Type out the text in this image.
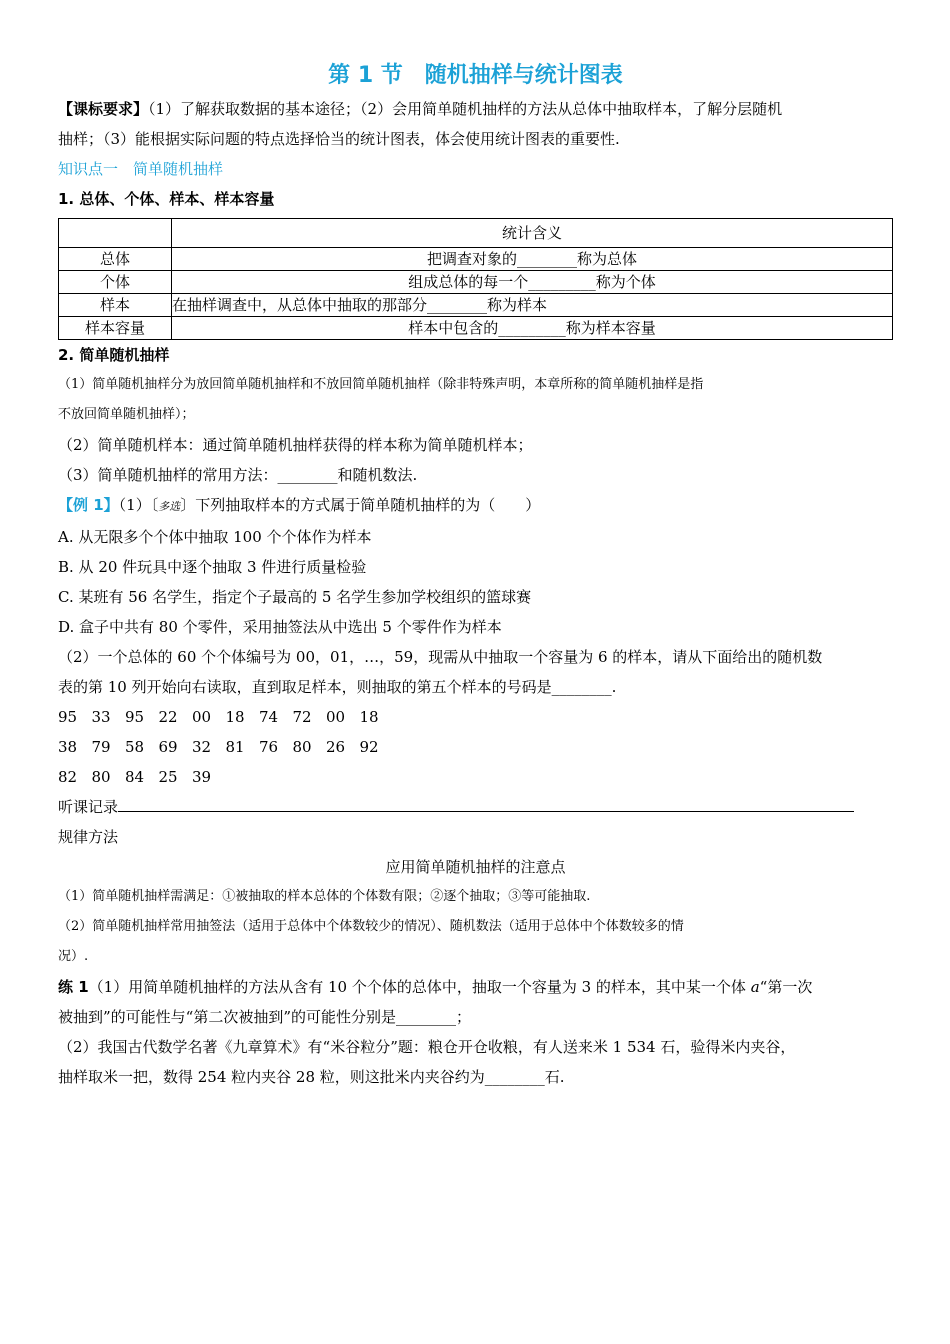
第 1 节　随机抽样与统计图表

【课标要求】（1）了解获取数据的基本途径；（2）会用简单随机抽样的方法从总体中抽取样本，了解分层随机

抽样；（3）能根据实际问题的特点选择恰当的统计图表，体会使用统计图表的重要性.

知识点一　简单随机抽样

1. 总体、个体、样本、样本容量

	统计含义
总体	把调查对象的________称为总体
个体	组成总体的每一个_________称为个体
样本	在抽样调查中，从总体中抽取的那部分________称为样本
样本容量	样本中包含的_________称为样本容量

2. 简单随机抽样

（1）简单随机抽样分为放回简单随机抽样和不放回简单随机抽样（除非特殊声明，本章所称的简单随机抽样是指

不放回简单随机抽样）；

（2）简单随机样本：通过简单随机抽样获得的样本称为简单随机样本；

（3）简单随机抽样的常用方法：________和随机数法.

【例 1】（1）〔多选〕下列抽取样本的方式属于简单随机抽样的为（　　）

A. 从无限多个个体中抽取 100 个个体作为样本

B. 从 20 件玩具中逐个抽取 3 件进行质量检验

C. 某班有 56 名学生，指定个子最高的 5 名学生参加学校组织的篮球赛

D. 盒子中共有 80 个零件，采用抽签法从中选出 5 个零件作为样本

（2）一个总体的 60 个个体编号为 00，01，…，59，现需从中抽取一个容量为 6 的样本，请从下面给出的随机数

表的第 10 列开始向右读取，直到取足样本，则抽取的第五个样本的号码是________.

95 33 95 22 00 18 74 72 00 18

38 79 58 69 32 81 76 80 26 92

82 80 84 25 39

听课记录

规律方法

应用简单随机抽样的注意点

（1）简单随机抽样需满足：①被抽取的样本总体的个体数有限；②逐个抽取；③等可能抽取.

（2）简单随机抽样常用抽签法（适用于总体中个体数较少的情况）、随机数法（适用于总体中个体数较多的情

况）.

练 1（1）用简单随机抽样的方法从含有 10 个个体的总体中，抽取一个容量为 3 的样本，其中某一个体 a“第一次

被抽到”的可能性与“第二次被抽到”的可能性分别是________；

（2）我国古代数学名著《九章算术》有“米谷粒分”题：粮仓开仓收粮，有人送来米 1 534 石，验得米内夹谷，

抽样取米一把，数得 254 粒内夹谷 28 粒，则这批米内夹谷约为________石.
